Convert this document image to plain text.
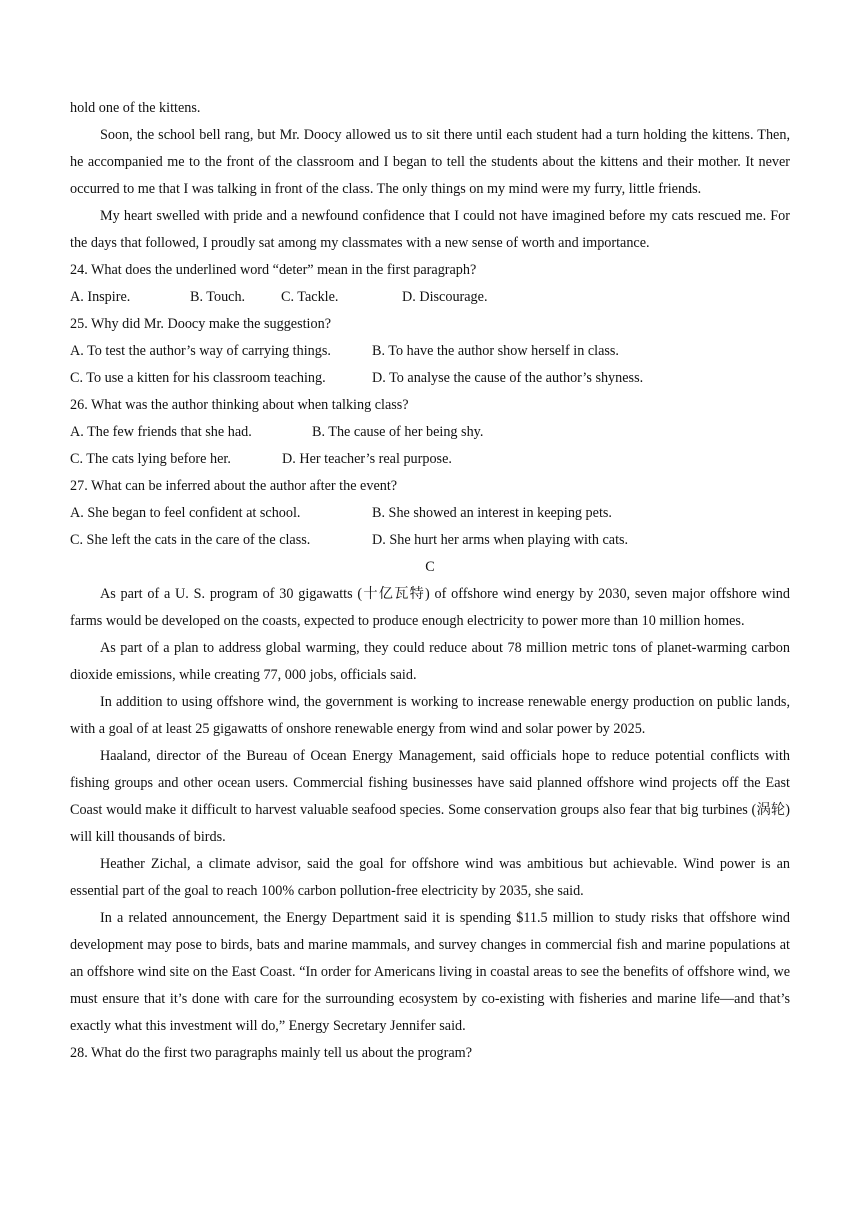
hold one of the kittens.

Soon, the school bell rang, but Mr. Doocy allowed us to sit there until each student had a turn holding the kittens. Then, he accompanied me to the front of the classroom and I began to tell the students about the kittens and their mother. It never occurred to me that I was talking in front of the class. The only things on my mind were my furry, little friends.

My heart swelled with pride and a newfound confidence that I could not have imagined before my cats rescued me. For the days that followed, I proudly sat among my classmates with a new sense of worth and importance.

24. What does the underlined word “deter” mean in the first paragraph?

A. Inspire.	B. Touch.	C. Tackle.	D. Discourage.

25. Why did Mr. Doocy make the suggestion?

A. To test the author’s way of carrying things.	B. To have the author show herself in class.

C. To use a kitten for his classroom teaching.	D. To analyse the cause of the author’s shyness.

26. What was the author thinking about when talking class?

A. The few friends that she had.	B. The cause of her being shy.

C. The cats lying before her.	D. Her teacher’s real purpose.

27. What can be inferred about the author after the event?

A. She began to feel confident at school.	B. She showed an interest in keeping pets.

C. She left the cats in the care of the class.	D. She hurt her arms when playing with cats.

C

As part of a U. S. program of 30 gigawatts (十亿瓦特) of offshore wind energy by 2030, seven major offshore wind farms would be developed on the coasts, expected to produce enough electricity to power more than 10 million homes.

As part of a plan to address global warming, they could reduce about 78 million metric tons of planet-warming carbon dioxide emissions, while creating 77, 000 jobs, officials said.

In addition to using offshore wind, the government is working to increase renewable energy production on public lands, with a goal of at least 25 gigawatts of onshore renewable energy from wind and solar power by 2025.

Haaland, director of the Bureau of Ocean Energy Management, said officials hope to reduce potential conflicts with fishing groups and other ocean users. Commercial fishing businesses have said planned offshore wind projects off the East Coast would make it difficult to harvest valuable seafood species. Some conservation groups also fear that big turbines (涡轮) will kill thousands of birds.

Heather Zichal, a climate advisor, said the goal for offshore wind was ambitious but achievable. Wind power is an essential part of the goal to reach 100% carbon pollution-free electricity by 2035, she said.

In a related announcement, the Energy Department said it is spending $11.5 million to study risks that offshore wind development may pose to birds, bats and marine mammals, and survey changes in commercial fish and marine populations at an offshore wind site on the East Coast. “In order for Americans living in coastal areas to see the benefits of offshore wind, we must ensure that it’s done with care for the surrounding ecosystem by co-existing with fisheries and marine life—and that’s exactly what this investment will do,” Energy Secretary Jennifer said.

28. What do the first two paragraphs mainly tell us about the program?
